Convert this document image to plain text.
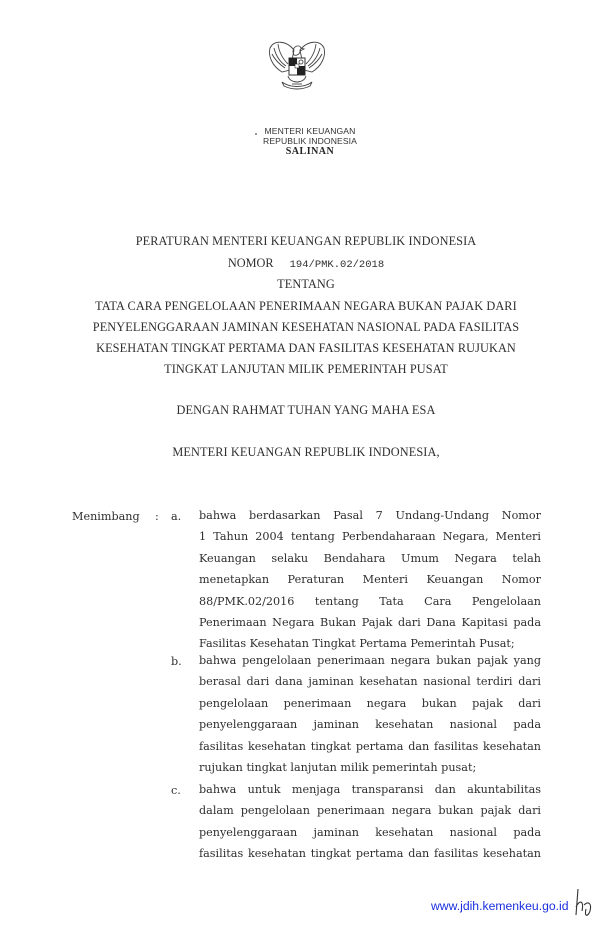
MENTERI KEUANGAN
REPUBLIK INDONESIA
SALINAN
PERATURAN MENTERI KEUANGAN REPUBLIK INDONESIA
NOMOR 194/PMK.02/2018
TENTANG
TATA CARA PENGELOLAAN PENERIMAAN NEGARA BUKAN PAJAK DARI
PENYELENGGARAAN JAMINAN KESEHATAN NASIONAL PADA FASILITAS
KESEHATAN TINGKAT PERTAMA DAN FASILITAS KESEHATAN RUJUKAN
TINGKAT LANJUTAN MILIK PEMERINTAH PUSAT
DENGAN RAHMAT TUHAN YANG MAHA ESA
MENTERI KEUANGAN REPUBLIK INDONESIA,
Menimbang : a. bahwa berdasarkan Pasal 7 Undang-Undang Nomor
1 Tahun 2004 tentang Perbendaharaan Negara, Menteri
Keuangan selaku Bendahara Umum Negara telah
menetapkan Peraturan Menteri Keuangan Nomor
88/PMK.02/2016 tentang Tata Cara Pengelolaan
Penerimaan Negara Bukan Pajak dari Dana Kapitasi pada
Fasilitas Kesehatan Tingkat Pertama Pemerintah Pusat;
b. bahwa pengelolaan penerimaan negara bukan pajak yang
berasal dari dana jaminan kesehatan nasional terdiri dari
pengelolaan penerimaan negara bukan pajak dari
penyelenggaraan jaminan kesehatan nasional pada
fasilitas kesehatan tingkat pertama dan fasilitas kesehatan
rujukan tingkat lanjutan milik pemerintah pusat;
c. bahwa untuk menjaga transparansi dan akuntabilitas
dalam pengelolaan penerimaan negara bukan pajak dari
penyelenggaraan jaminan kesehatan nasional pada
fasilitas kesehatan tingkat pertama dan fasilitas kesehatan
www.jdih.kemenkeu.go.id
